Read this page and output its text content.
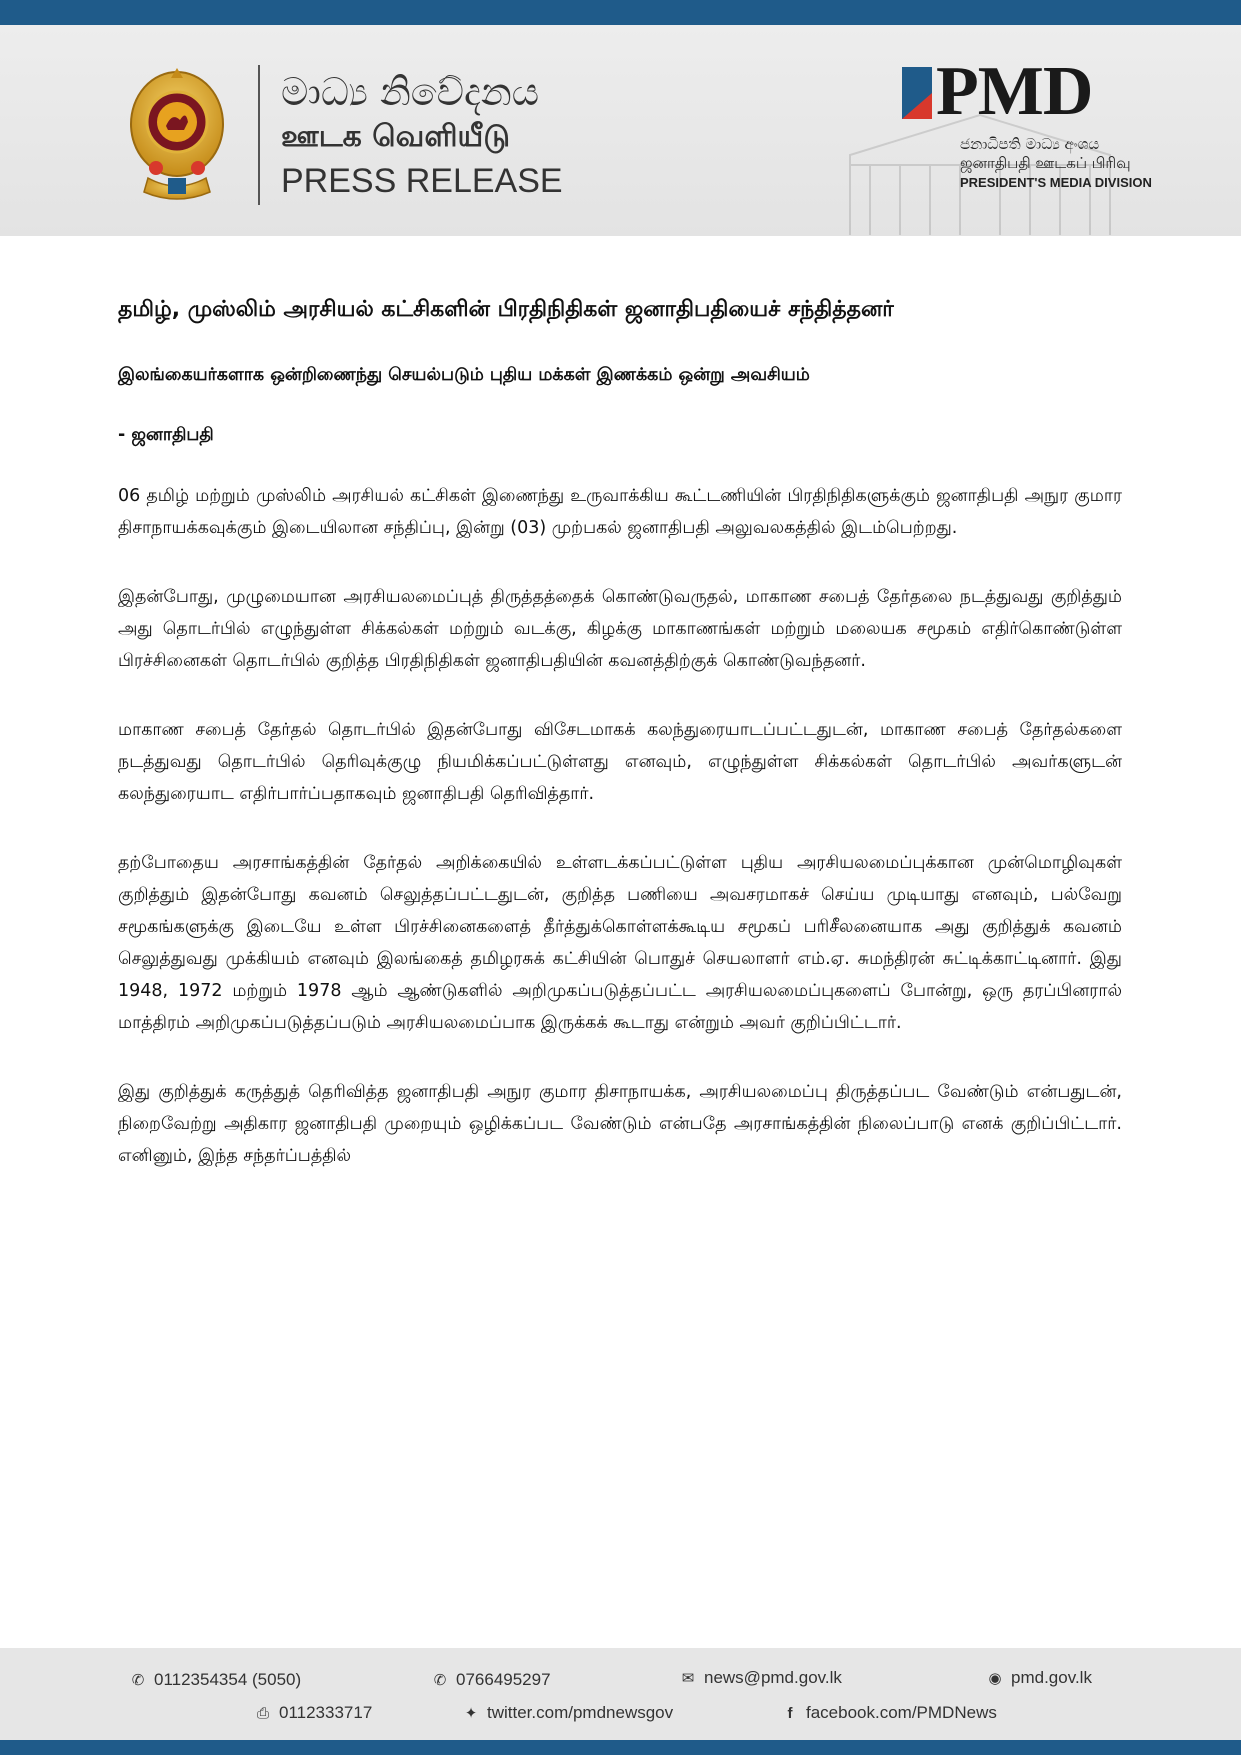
මාධ්‍ය නිවේදනය
ஊடக வெளியீடு
PRESS RELEASE
PMD
ජනාධිපති මාධ්‍ය අංශය
ஜனாதிபதி ஊடகப் பிரிவு
PRESIDENT'S MEDIA DIVISION
தமிழ், முஸ்லிம் அரசியல் கட்சிகளின் பிரதிநிதிகள் ஜனாதிபதியைச் சந்தித்தனர்
இலங்கையர்களாக ஒன்றிணைந்து செயல்படும் புதிய மக்கள் இணக்கம் ஒன்று அவசியம்
- ஜனாதிபதி

06 தமிழ் மற்றும் முஸ்லிம் அரசியல் கட்சிகள் இணைந்து உருவாக்கிய கூட்டணியின் பிரதிநிதிகளுக்கும் ஜனாதிபதி அநுர குமார திசாநாயக்கவுக்கும் இடையிலான சந்திப்பு, இன்று (03) முற்பகல் ஜனாதிபதி அலுவலகத்தில் இடம்பெற்றது.

இதன்போது, முழுமையான அரசியலமைப்புத் திருத்தத்தைக் கொண்டுவருதல், மாகாண சபைத் தேர்தலை நடத்துவது குறித்தும் அது தொடர்பில் எழுந்துள்ள சிக்கல்கள் மற்றும் வடக்கு, கிழக்கு மாகாணங்கள் மற்றும் மலையக சமூகம் எதிர்கொண்டுள்ள பிரச்சினைகள் தொடர்பில் குறித்த பிரதிநிதிகள் ஜனாதிபதியின் கவனத்திற்குக் கொண்டுவந்தனர்.

மாகாண சபைத் தேர்தல் தொடர்பில் இதன்போது விசேடமாகக் கலந்துரையாடப்பட்டதுடன், மாகாண சபைத் தேர்தல்களை நடத்துவது தொடர்பில் தெரிவுக்குழு நியமிக்கப்பட்டுள்ளது எனவும், எழுந்துள்ள சிக்கல்கள் தொடர்பில் அவர்களுடன் கலந்துரையாட எதிர்பார்ப்பதாகவும் ஜனாதிபதி தெரிவித்தார்.

தற்போதைய அரசாங்கத்தின் தேர்தல் அறிக்கையில் உள்ளடக்கப்பட்டுள்ள புதிய அரசியலமைப்புக்கான முன்மொழிவுகள் குறித்தும் இதன்போது கவனம் செலுத்தப்பட்டதுடன், குறித்த பணியை அவசரமாகச் செய்ய முடியாது எனவும், பல்வேறு சமூகங்களுக்கு இடையே உள்ள பிரச்சினைகளைத் தீர்த்துக்கொள்ளக்கூடிய சமூகப் பரிசீலனையாக அது குறித்துக் கவனம் செலுத்துவது முக்கியம் எனவும் இலங்கைத் தமிழரசுக் கட்சியின் பொதுச் செயலாளர் எம்.ஏ. சுமந்திரன் சுட்டிக்காட்டினார். இது 1948, 1972 மற்றும் 1978 ஆம் ஆண்டுகளில் அறிமுகப்படுத்தப்பட்ட அரசியலமைப்புகளைப் போன்று, ஒரு தரப்பினரால் மாத்திரம் அறிமுகப்படுத்தப்படும் அரசியலமைப்பாக இருக்கக் கூடாது என்றும் அவர் குறிப்பிட்டார்.

இது குறித்துக் கருத்துத் தெரிவித்த ஜனாதிபதி அநுர குமார திசாநாயக்க, அரசியலமைப்பு திருத்தப்பட வேண்டும் என்பதுடன், நிறைவேற்று அதிகார ஜனாதிபதி முறையும் ஒழிக்கப்பட வேண்டும் என்பதே அரசாங்கத்தின் நிலைப்பாடு எனக் குறிப்பிட்டார். எனினும், இந்த சந்தர்ப்பத்தில்

✆ 0112354354 (5050)	✆ 0766495297	✉ news@pmd.gov.lk	◉ pmd.gov.lk
⎙ 0112333717	✦ twitter.com/pmdnewsgov	f facebook.com/PMDNews
